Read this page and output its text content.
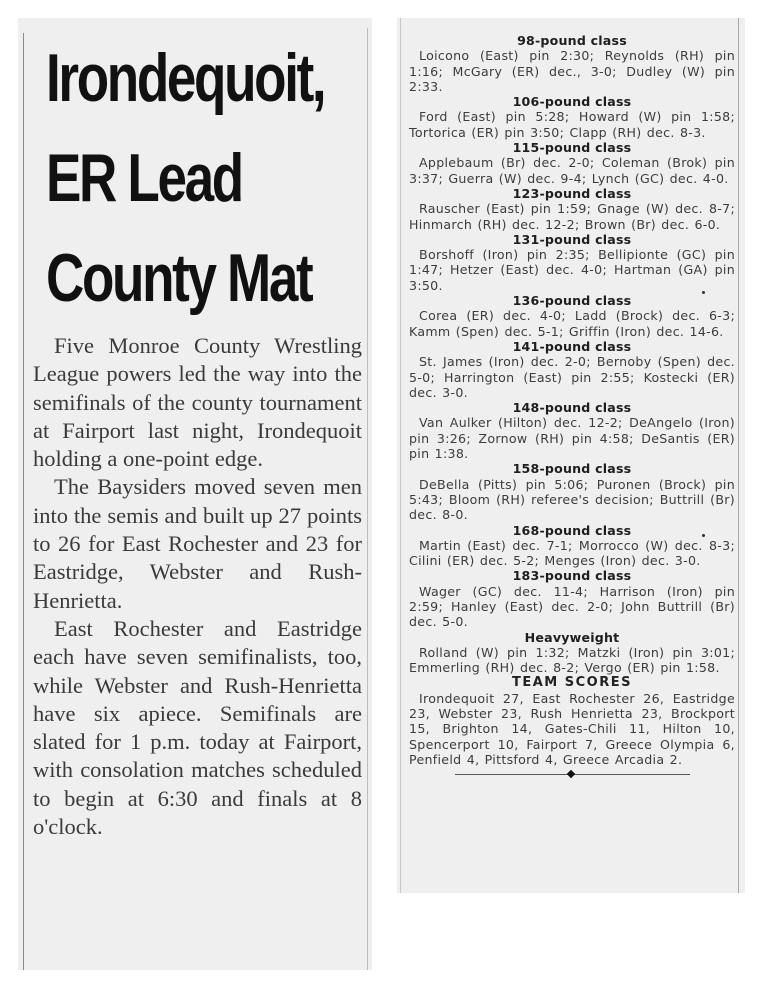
Irondequoit,
ER Lead
County Mat

Five Monroe County Wrestling League powers led the way into the semifinals of the county tournament at Fairport last night, Irondequoit holding a one-point edge.

The Baysiders moved seven men into the semis and built up 27 points to 26 for East Rochester and 23 for Eastridge, Webster and Rush-Henrietta.

East Rochester and Eastridge each have seven semifinalists, too, while Webster and Rush-Henrietta have six apiece. Semifinals are slated for 1 p.m. today at Fairport, with consolation matches scheduled to begin at 6:30 and finals at 8 o'clock.

98-pound class
Loicono (East) pin 2:30; Reynolds (RH) pin 1:16; McGary (ER) dec., 3-0; Dudley (W) pin 2:33.
106-pound class
Ford (East) pin 5:28; Howard (W) pin 1:58; Tortorica (ER) pin 3:50; Clapp (RH) dec. 8-3.
115-pound class
Applebaum (Br) dec. 2-0; Coleman (Brok) pin 3:37; Guerra (W) dec. 9-4; Lynch (GC) dec. 4-0.
123-pound class
Rauscher (East) pin 1:59; Gnage (W) dec. 8-7; Hinmarch (RH) dec. 12-2; Brown (Br) dec. 6-0.
131-pound class
Borshoff (Iron) pin 2:35; Bellipionte (GC) pin 1:47; Hetzer (East) dec. 4-0; Hartman (GA) pin 3:50.
136-pound class
Corea (ER) dec. 4-0; Ladd (Brock) dec. 6-3; Kamm (Spen) dec. 5-1; Griffin (Iron) dec. 14-6.
141-pound class
St. James (Iron) dec. 2-0; Bernoby (Spen) dec. 5-0; Harrington (East) pin 2:55; Kostecki (ER) dec. 3-0.
148-pound class
Van Aulker (Hilton) dec. 12-2; DeAngelo (Iron) pin 3:26; Zornow (RH) pin 4:58; DeSantis (ER) pin 1:38.
158-pound class
DeBella (Pitts) pin 5:06; Puronen (Brock) pin 5:43; Bloom (RH) referee's decision; Buttrill (Br) dec. 8-0.
168-pound class
Martin (East) dec. 7-1; Morrocco (W) dec. 8-3; Cilini (ER) dec. 5-2; Menges (Iron) dec. 3-0.
183-pound class
Wager (GC) dec. 11-4; Harrison (Iron) pin 2:59; Hanley (East) dec. 2-0; John Buttrill (Br) dec. 5-0.
Heavyweight
Rolland (W) pin 1:32; Matzki (Iron) pin 3:01; Emmerling (RH) dec. 8-2; Vergo (ER) pin 1:58.
TEAM SCORES
Irondequoit 27, East Rochester 26, Eastridge 23, Webster 23, Rush Henrietta 23, Brockport 15, Brighton 14, Gates-Chili 11, Hilton 10, Spencerport 10, Fairport 7, Greece Olympia 6, Penfield 4, Pittsford 4, Greece Arcadia 2.
